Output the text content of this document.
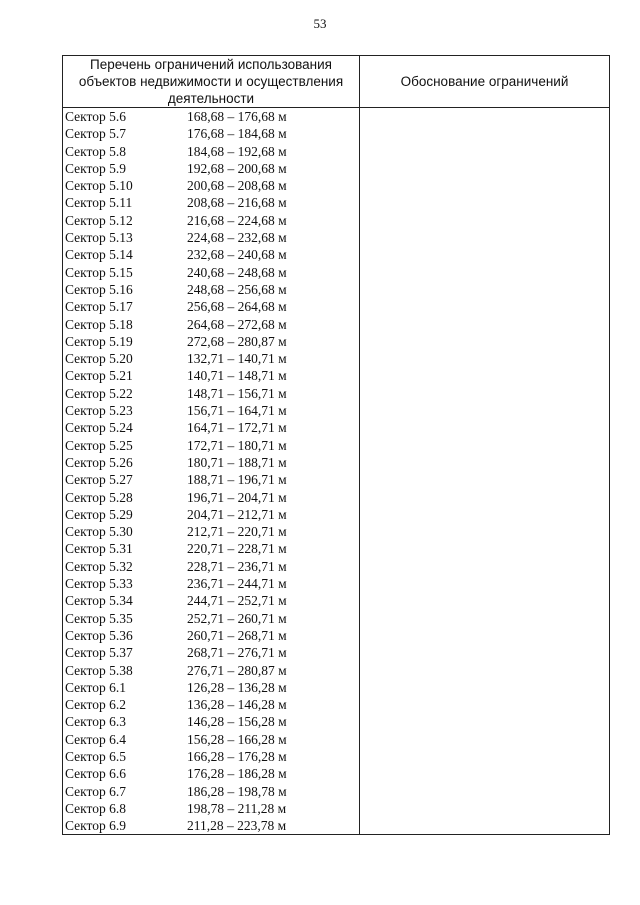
53
Перечень ограничений использования объектов недвижимости и осуществления деятельности	Обоснование ограничений
Сектор 5.6 168,68 – 176,68 м	
Сектор 5.7 176,68 – 184,68 м	
Сектор 5.8 184,68 – 192,68 м	
Сектор 5.9 192,68 – 200,68 м	
Сектор 5.10 200,68 – 208,68 м	
Сектор 5.11 208,68 – 216,68 м	
Сектор 5.12 216,68 – 224,68 м	
Сектор 5.13 224,68 – 232,68 м	
Сектор 5.14 232,68 – 240,68 м	
Сектор 5.15 240,68 – 248,68 м	
Сектор 5.16 248,68 – 256,68 м	
Сектор 5.17 256,68 – 264,68 м	
Сектор 5.18 264,68 – 272,68 м	
Сектор 5.19 272,68 – 280,87 м	
Сектор 5.20 132,71 – 140,71 м	
Сектор 5.21 140,71 – 148,71 м	
Сектор 5.22 148,71 – 156,71 м	
Сектор 5.23 156,71 – 164,71 м	
Сектор 5.24 164,71 – 172,71 м	
Сектор 5.25 172,71 – 180,71 м	
Сектор 5.26 180,71 – 188,71 м	
Сектор 5.27 188,71 – 196,71 м	
Сектор 5.28 196,71 – 204,71 м	
Сектор 5.29 204,71 – 212,71 м	
Сектор 5.30 212,71 – 220,71 м	
Сектор 5.31 220,71 – 228,71 м	
Сектор 5.32 228,71 – 236,71 м	
Сектор 5.33 236,71 – 244,71 м	
Сектор 5.34 244,71 – 252,71 м	
Сектор 5.35 252,71 – 260,71 м	
Сектор 5.36 260,71 – 268,71 м	
Сектор 5.37 268,71 – 276,71 м	
Сектор 5.38 276,71 – 280,87 м	
Сектор 6.1 126,28 – 136,28 м	
Сектор 6.2 136,28 – 146,28 м	
Сектор 6.3 146,28 – 156,28 м	
Сектор 6.4 156,28 – 166,28 м	
Сектор 6.5 166,28 – 176,28 м	
Сектор 6.6 176,28 – 186,28 м	
Сектор 6.7 186,28 – 198,78 м	
Сектор 6.8 198,78 – 211,28 м	
Сектор 6.9 211,28 – 223,78 м	
